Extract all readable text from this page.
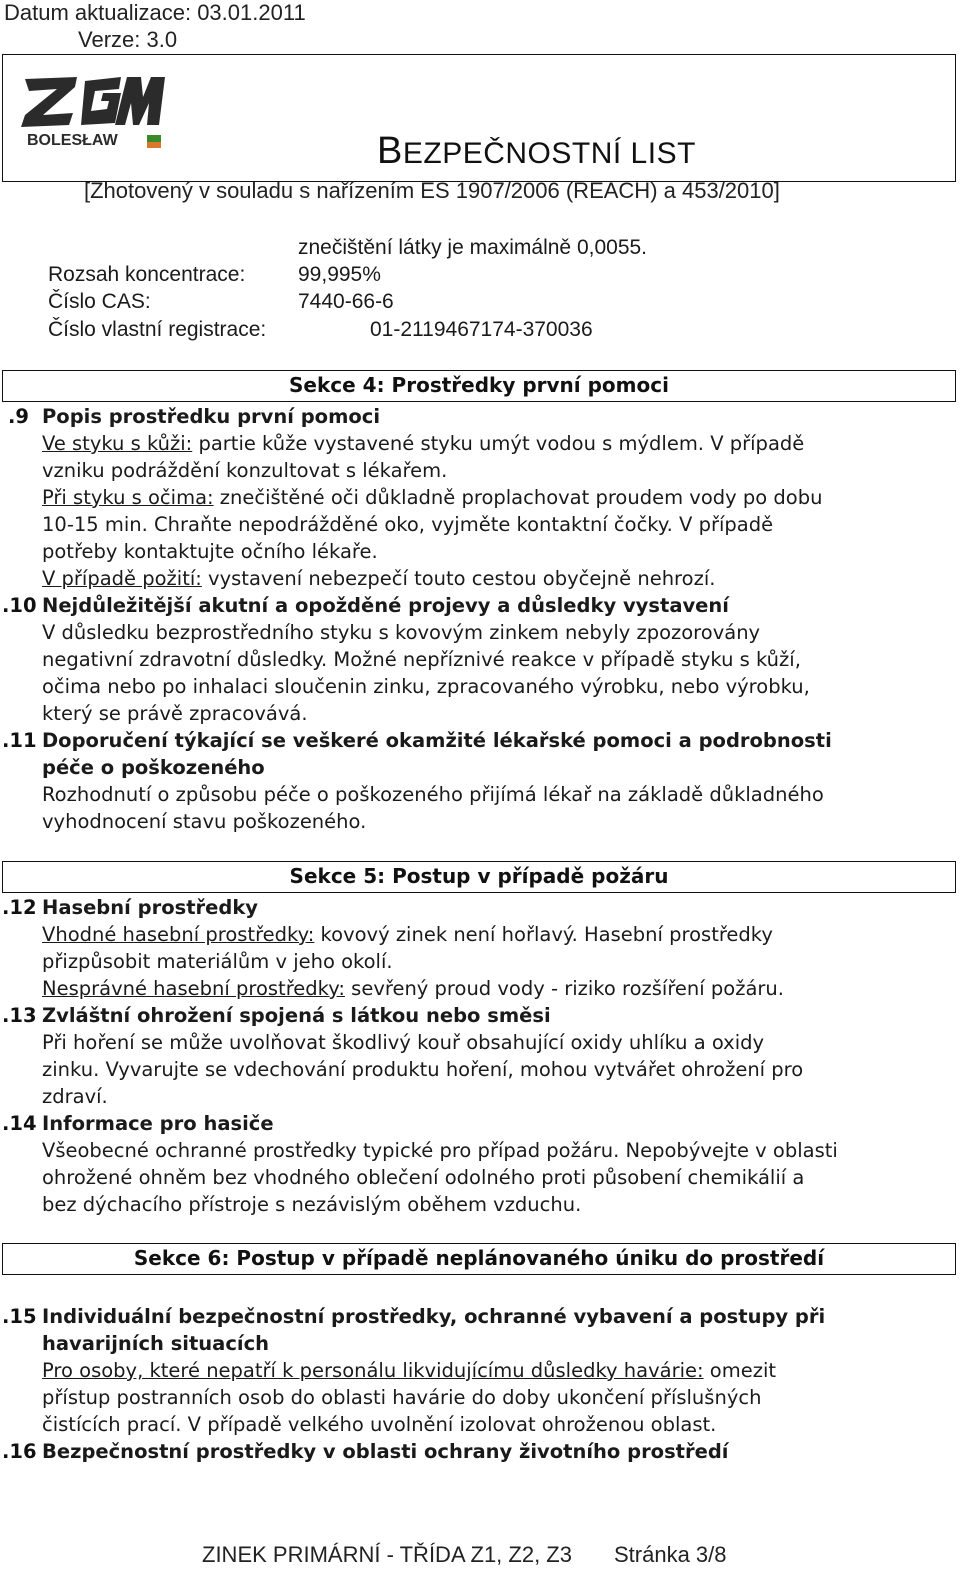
Datum aktualizace: 03.01.2011
Verze: 3.0
BOLESŁAW	BEZPEČNOSTNÍ LIST
[Zhotovený v souladu s nařízením ES 1907/2006 (REACH) a 453/2010]
znečištění látky je maximálně 0,0055.
Rozsah koncentrace:	99,995%
Číslo CAS:	7440-66-6
Číslo vlastní registrace:	01-2119467174-370036
Sekce 4: Prostředky první pomoci
.9 Popis prostředku první pomoci
Ve styku s kůži: partie kůže vystavené styku umýt vodou s mýdlem. V případě
vzniku podráždění konzultovat s lékařem.
Při styku s očima: znečištěné oči důkladně proplachovat proudem vody po dobu
10-15 min. Chraňte nepodrážděné oko, vyjměte kontaktní čočky. V případě
potřeby kontaktujte očního lékaře.
V případě požití: vystavení nebezpečí touto cestou obyčejně nehrozí.
.10 Nejdůležitější akutní a opožděné projevy a důsledky vystavení
V důsledku bezprostředního styku s kovovým zinkem nebyly zpozorovány
negativní zdravotní důsledky. Možné nepříznivé reakce v případě styku s kůží,
očima nebo po inhalaci sloučenin zinku, zpracovaného výrobku, nebo výrobku,
který se právě zpracovává.
.11 Doporučení týkající se veškeré okamžité lékařské pomoci a podrobnosti
péče o poškozeného
Rozhodnutí o způsobu péče o poškozeného přijímá lékař na základě důkladného
vyhodnocení stavu poškozeného.
Sekce 5: Postup v případě požáru
.12 Hasební prostředky
Vhodné hasební prostředky: kovový zinek není hořlavý. Hasební prostředky
přizpůsobit materiálům v jeho okolí.
Nesprávné hasební prostředky: sevřený proud vody - riziko rozšíření požáru.
.13 Zvláštní ohrožení spojená s látkou nebo směsi
Při hoření se může uvolňovat škodlivý kouř obsahující oxidy uhlíku a oxidy
zinku. Vyvarujte se vdechování produktu hoření, mohou vytvářet ohrožení pro
zdraví.
.14 Informace pro hasiče
Všeobecné ochranné prostředky typické pro případ požáru. Nepobývejte v oblasti
ohrožené ohněm bez vhodného oblečení odolného proti působení chemikálií a
bez dýchacího přístroje s nezávislým oběhem vzduchu.
Sekce 6: Postup v případě neplánovaného úniku do prostředí
.15 Individuální bezpečnostní prostředky, ochranné vybavení a postupy při
havarijních situacích
Pro osoby, které nepatří k personálu likvidujícímu důsledky havárie: omezit
přístup postranních osob do oblasti havárie do doby ukončení příslušných
čistících prací. V případě velkého uvolnění izolovat ohroženou oblast.
.16 Bezpečnostní prostředky v oblasti ochrany životního prostředí
ZINEK PRIMÁRNÍ - TŘÍDA Z1, Z2, Z3 Stránka 3/8
